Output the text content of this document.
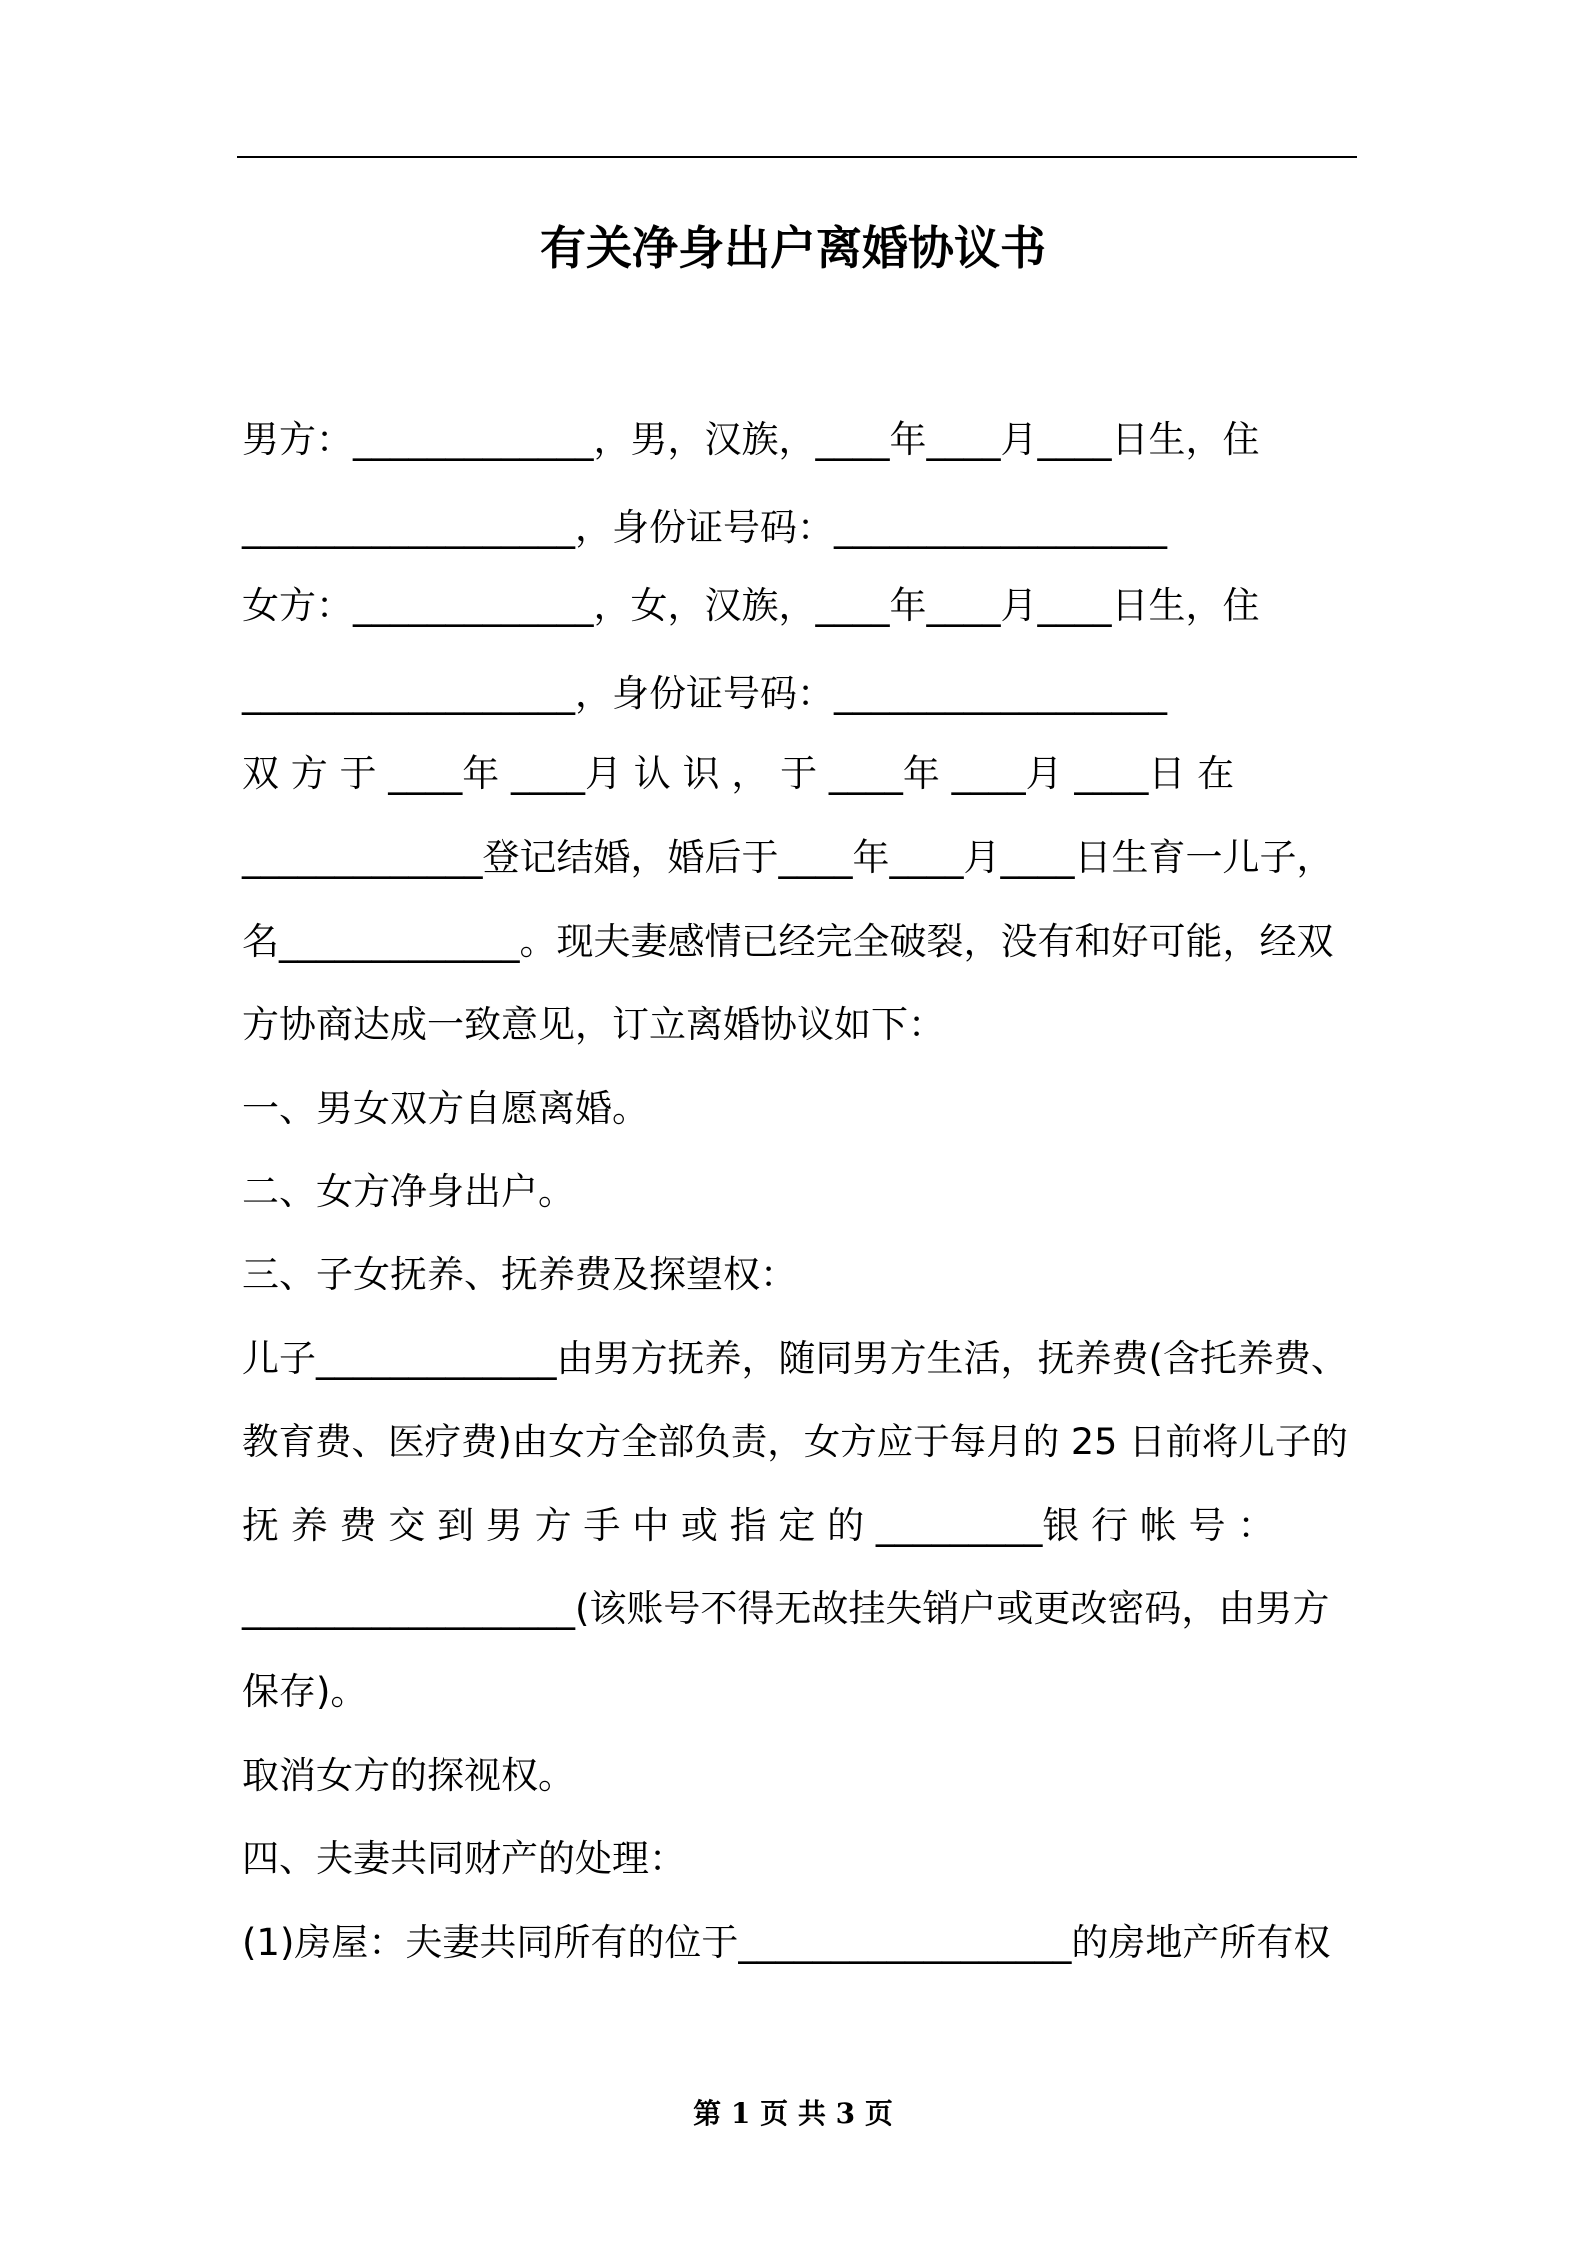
有关净身出户离婚协议书
男方：_____________，男，汉族，____年____月____日生，住
__________________，身份证号码：__________________
女方：_____________，女，汉族，____年____月____日生，住
__________________，身份证号码：__________________
双 方 于 ____年 ____月 认 识 ， 于 ____年 ____月 ____日 在
_____________登记结婚，婚后于____年____月____日生育一儿子，
名_____________。现夫妻感情已经完全破裂，没有和好可能，经双
方协商达成一致意见，订立离婚协议如下：
一、男女双方自愿离婚。
二、女方净身出户。
三、子女抚养、抚养费及探望权：
儿子_____________由男方抚养，随同男方生活，抚养费(含托养费、
教育费、医疗费)由女方全部负责，女方应于每月的 25 日前将儿子的
抚 养 费 交 到 男 方 手 中 或 指 定 的 _________银 行 帐 号 ：
__________________(该账号不得无故挂失销户或更改密码，由男方
保存)。
取消女方的探视权。
四、夫妻共同财产的处理：
(1)房屋：夫妻共同所有的位于__________________的房地产所有权
第 1 页 共 3 页
